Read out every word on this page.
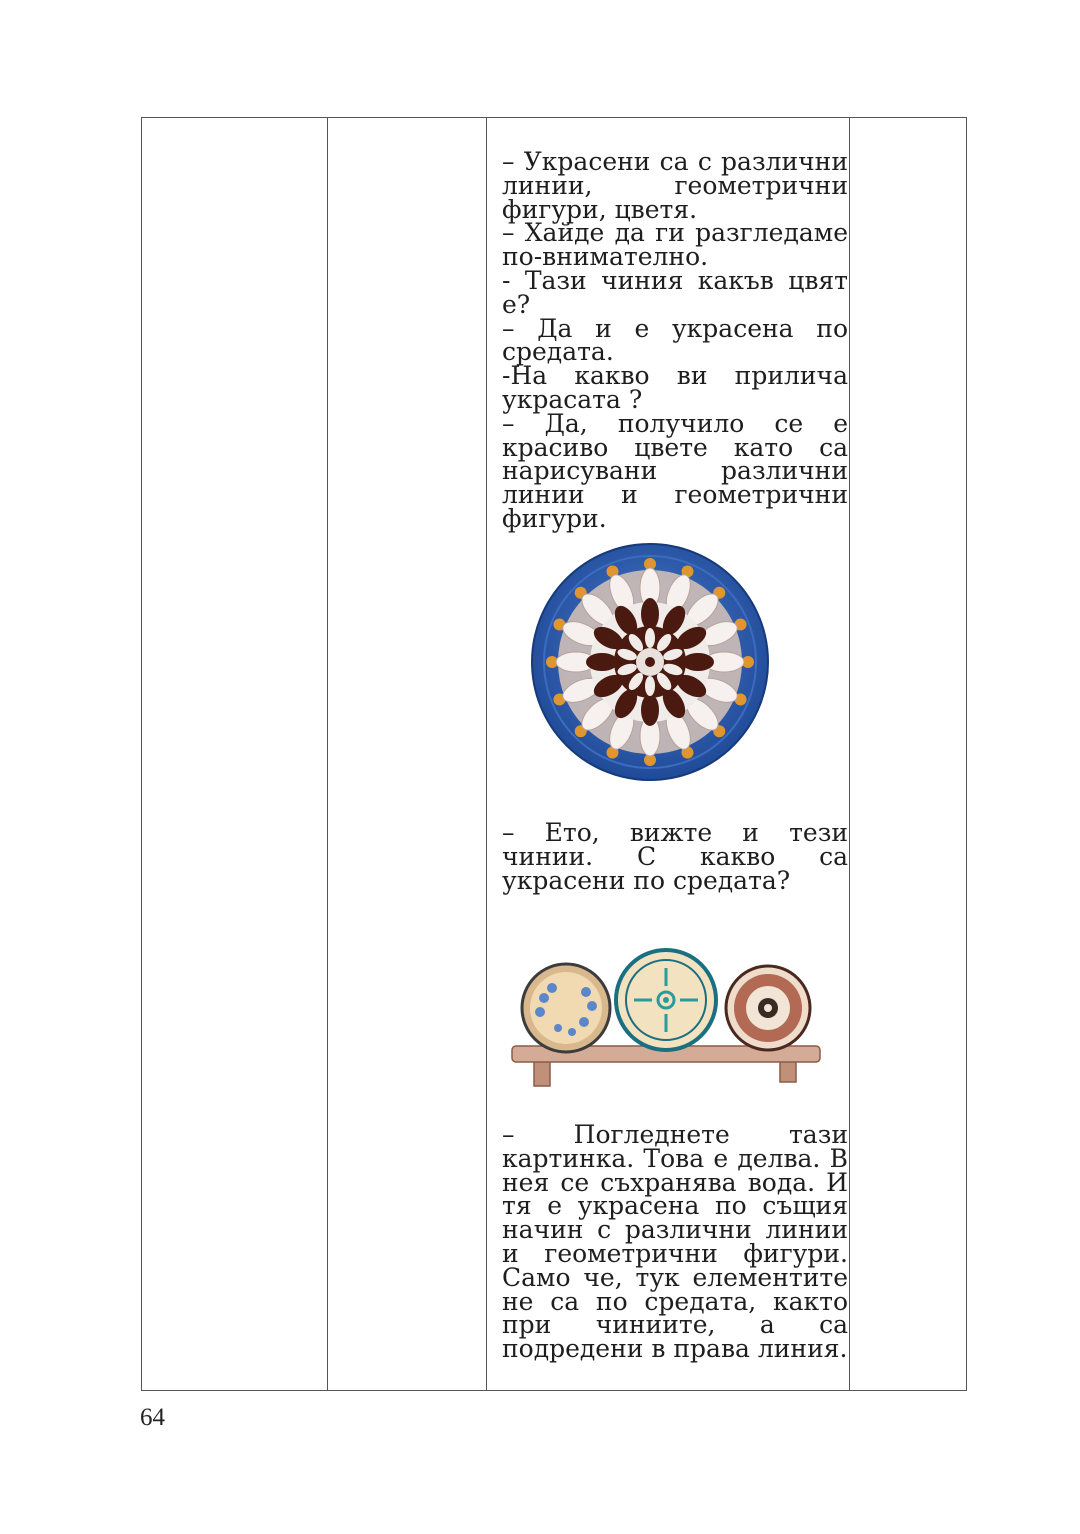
– Украсени са с различни линии, геометрични фигури, цветя.

– Хайде да ги разгледаме по-внимателно.

- Тази чиния какъв цвят е?

– Да и е украсена по средата.

-На какво ви прилича украсата ?

– Да, получило се е красиво цвете като са нарисувани различни линии и геометрични фигури.

– Ето, вижте и тези чинии. С какво са украсени по средата?

– Погледнете тази картинка. Това е делва. В нея се съхранява вода. И тя е украсена по същия начин с различни линии и геометрични фигури. Само че, тук елементите не са по средата, както при чиниите, а са подредени в права линия.

64
